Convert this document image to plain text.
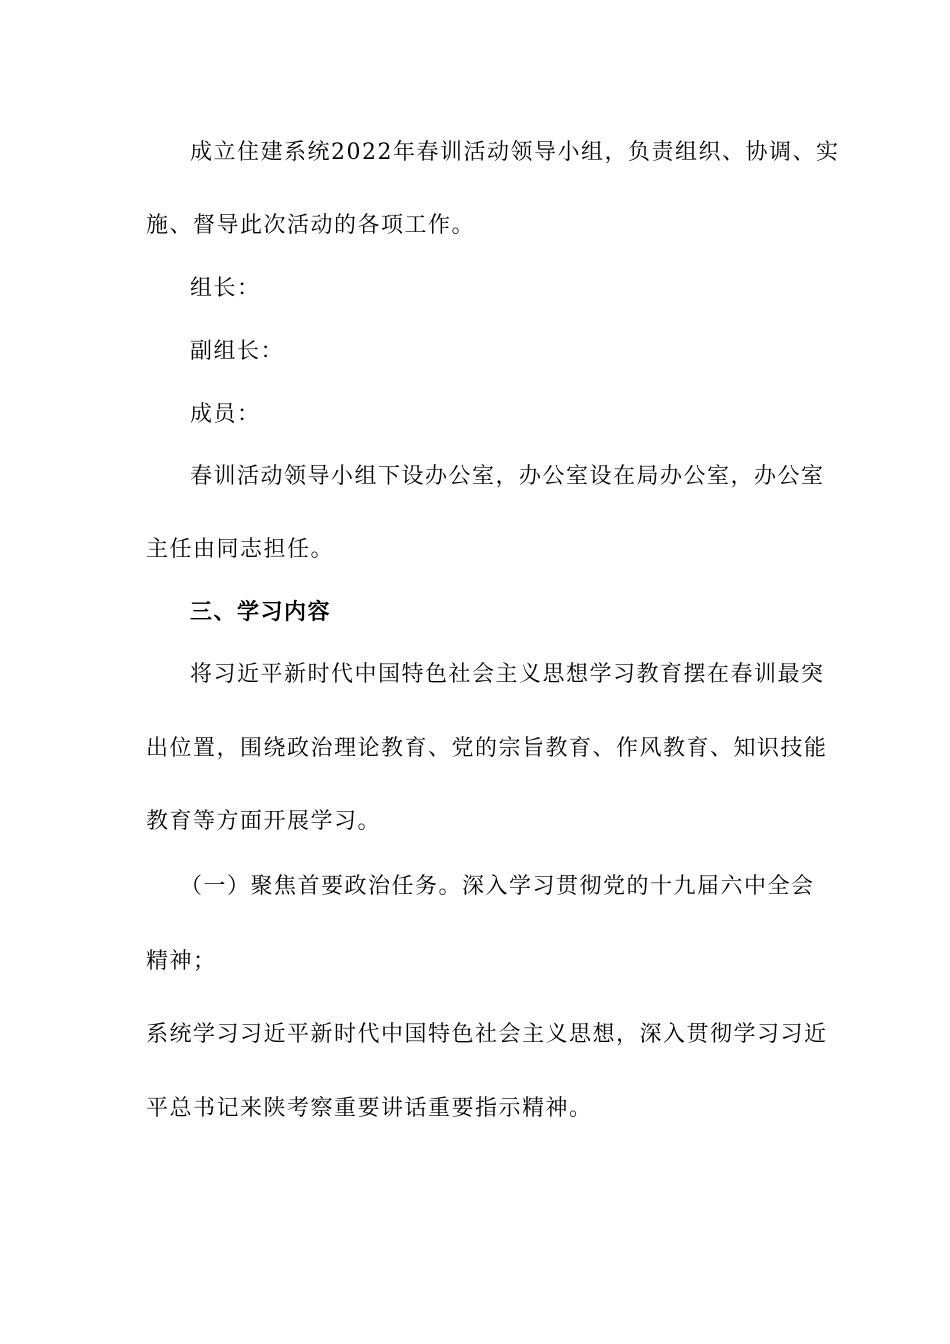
成立住建系统2022年春训活动领导小组，负责组织、协调、实
施、督导此次活动的各项工作。
组长：
副组长：
成员：
春训活动领导小组下设办公室，办公室设在局办公室，办公室
主任由同志担任。
三、学习内容
将习近平新时代中国特色社会主义思想学习教育摆在春训最突
出位置，围绕政治理论教育、党的宗旨教育、作风教育、知识技能
教育等方面开展学习。
（一）聚焦首要政治任务。深入学习贯彻党的十九届六中全会
精神；
系统学习习近平新时代中国特色社会主义思想，深入贯彻学习习近
平总书记来陕考察重要讲话重要指示精神。
